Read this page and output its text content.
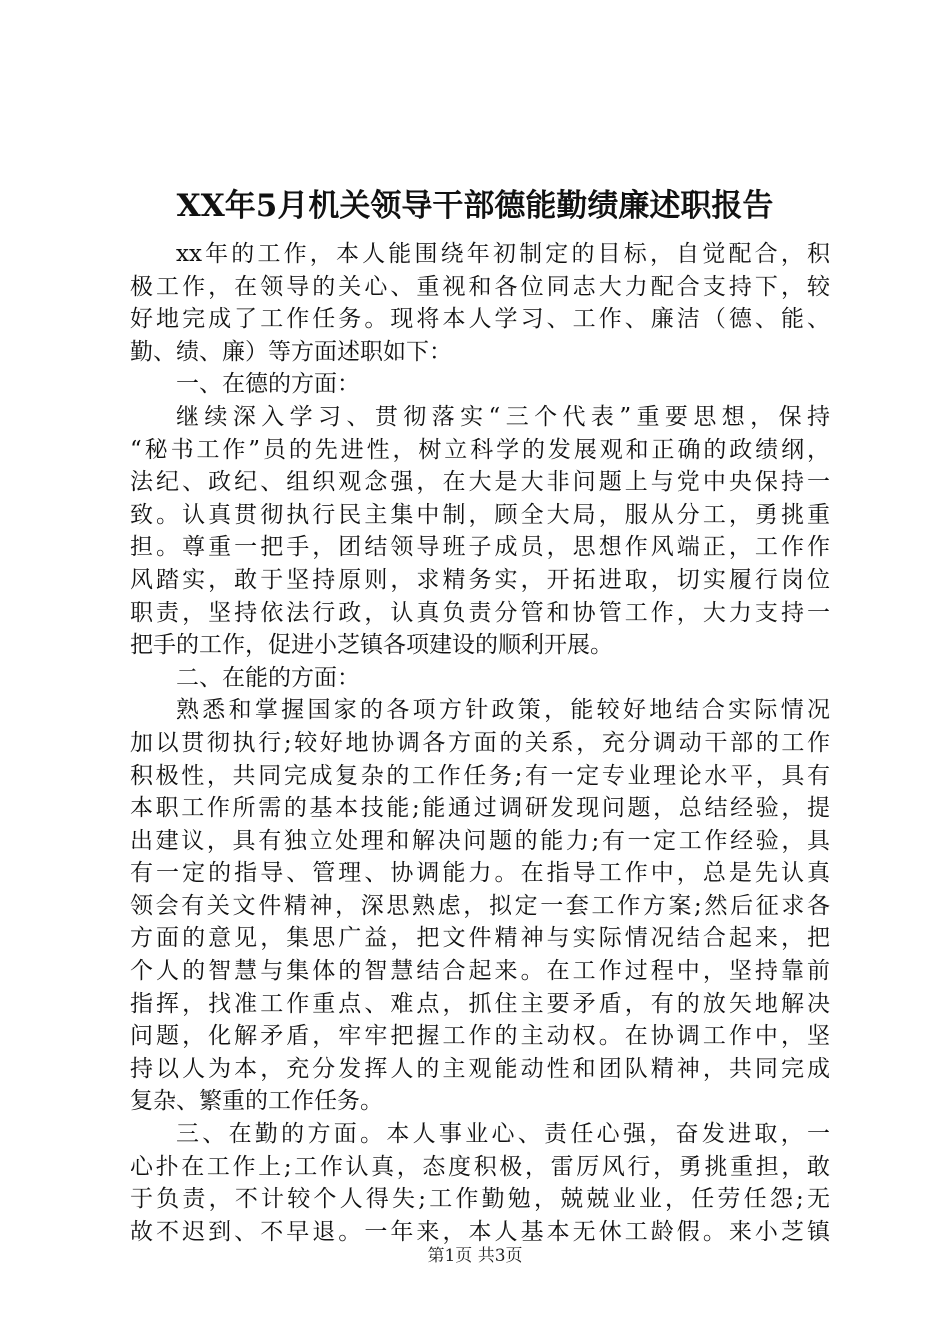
XX年5月机关领导干部德能勤绩廉述职报告
xx年的工作，本人能围绕年初制定的目标，自觉配合，积
极工作，在领导的关心、重视和各位同志大力配合支持下，较
好地完成了工作任务。现将本人学习、工作、廉洁（德、能、
勤、绩、廉）等方面述职如下：
一、在德的方面：
继续深入学习、贯彻落实“三个代表”重要思想，保持
“秘书工作”员的先进性，树立科学的发展观和正确的政绩纲，
法纪、政纪、组织观念强，在大是大非问题上与党中央保持一
致。认真贯彻执行民主集中制，顾全大局，服从分工，勇挑重
担。尊重一把手，团结领导班子成员，思想作风端正，工作作
风踏实，敢于坚持原则，求精务实，开拓进取，切实履行岗位
职责，坚持依法行政，认真负责分管和协管工作，大力支持一
把手的工作，促进小芝镇各项建设的顺利开展。
二、在能的方面：
熟悉和掌握国家的各项方针政策，能较好地结合实际情况
加以贯彻执行;较好地协调各方面的关系，充分调动干部的工作
积极性，共同完成复杂的工作任务;有一定专业理论水平，具有
本职工作所需的基本技能;能通过调研发现问题，总结经验，提
出建议，具有独立处理和解决问题的能力;有一定工作经验，具
有一定的指导、管理、协调能力。在指导工作中，总是先认真
领会有关文件精神，深思熟虑，拟定一套工作方案;然后征求各
方面的意见，集思广益，把文件精神与实际情况结合起来，把
个人的智慧与集体的智慧结合起来。在工作过程中，坚持靠前
指挥，找准工作重点、难点，抓住主要矛盾，有的放矢地解决
问题，化解矛盾，牢牢把握工作的主动权。在协调工作中，坚
持以人为本，充分发挥人的主观能动性和团队精神，共同完成
复杂、繁重的工作任务。
三、在勤的方面。本人事业心、责任心强，奋发进取，一
心扑在工作上;工作认真，态度积极，雷厉风行，勇挑重担，敢
于负责，不计较个人得失;工作勤勉，兢兢业业，任劳任怨;无
故不迟到、不早退。一年来，本人基本无休工龄假。来小芝镇
第1页 共3页
